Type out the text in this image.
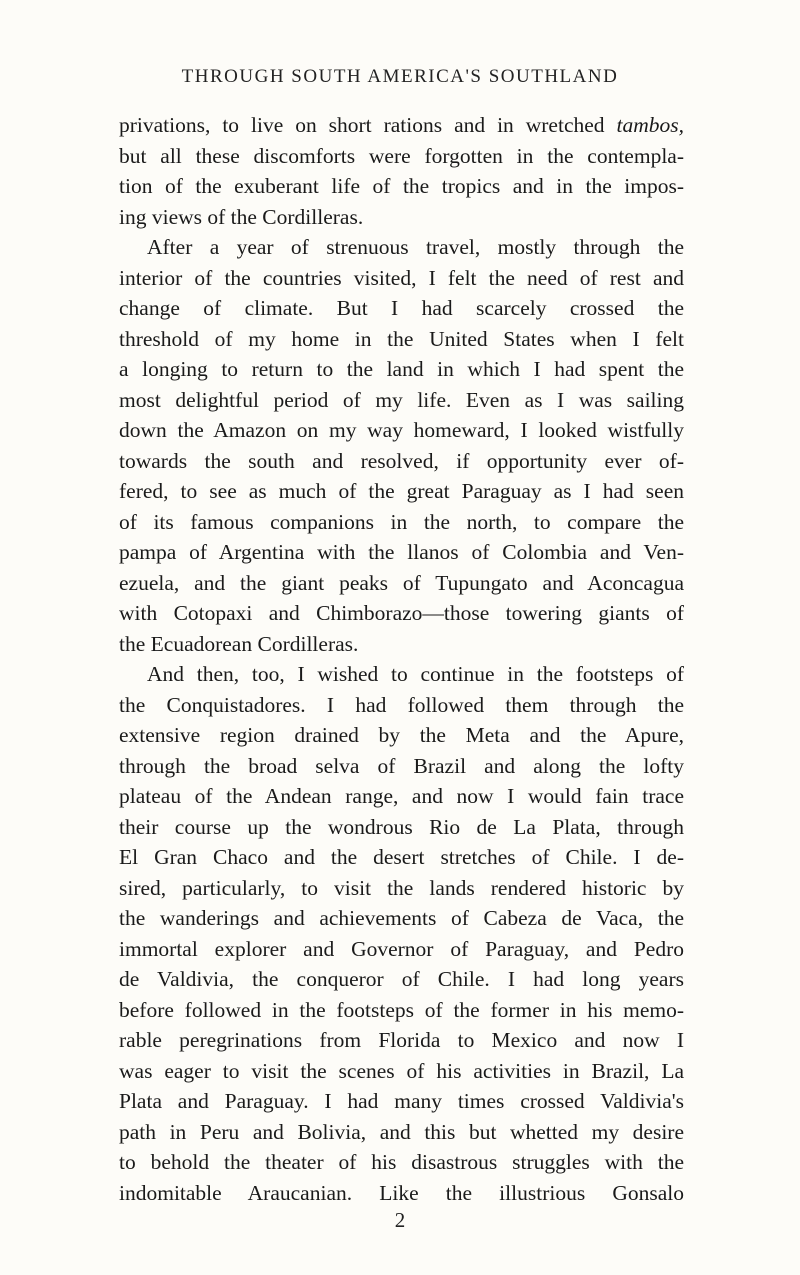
THROUGH SOUTH AMERICA'S SOUTHLAND
privations, to live on short rations and in wretched tambos,
but all these discomforts were forgotten in the contempla-
tion of the exuberant life of the tropics and in the impos-
ing views of the Cordilleras.
After a year of strenuous travel, mostly through the
interior of the countries visited, I felt the need of rest and
change of climate. But I had scarcely crossed the
threshold of my home in the United States when I felt
a longing to return to the land in which I had spent the
most delightful period of my life. Even as I was sailing
down the Amazon on my way homeward, I looked wistfully
towards the south and resolved, if opportunity ever of-
fered, to see as much of the great Paraguay as I had seen
of its famous companions in the north, to compare the
pampa of Argentina with the llanos of Colombia and Ven-
ezuela, and the giant peaks of Tupungato and Aconcagua
with Cotopaxi and Chimborazo—those towering giants of
the Ecuadorean Cordilleras.
And then, too, I wished to continue in the footsteps of
the Conquistadores. I had followed them through the
extensive region drained by the Meta and the Apure,
through the broad selva of Brazil and along the lofty
plateau of the Andean range, and now I would fain trace
their course up the wondrous Rio de La Plata, through
El Gran Chaco and the desert stretches of Chile. I de-
sired, particularly, to visit the lands rendered historic by
the wanderings and achievements of Cabeza de Vaca, the
immortal explorer and Governor of Paraguay, and Pedro
de Valdivia, the conqueror of Chile. I had long years
before followed in the footsteps of the former in his memo-
rable peregrinations from Florida to Mexico and now I
was eager to visit the scenes of his activities in Brazil, La
Plata and Paraguay. I had many times crossed Valdivia's
path in Peru and Bolivia, and this but whetted my desire
to behold the theater of his disastrous struggles with the
indomitable Araucanian. Like the illustrious Gonsalo
2
